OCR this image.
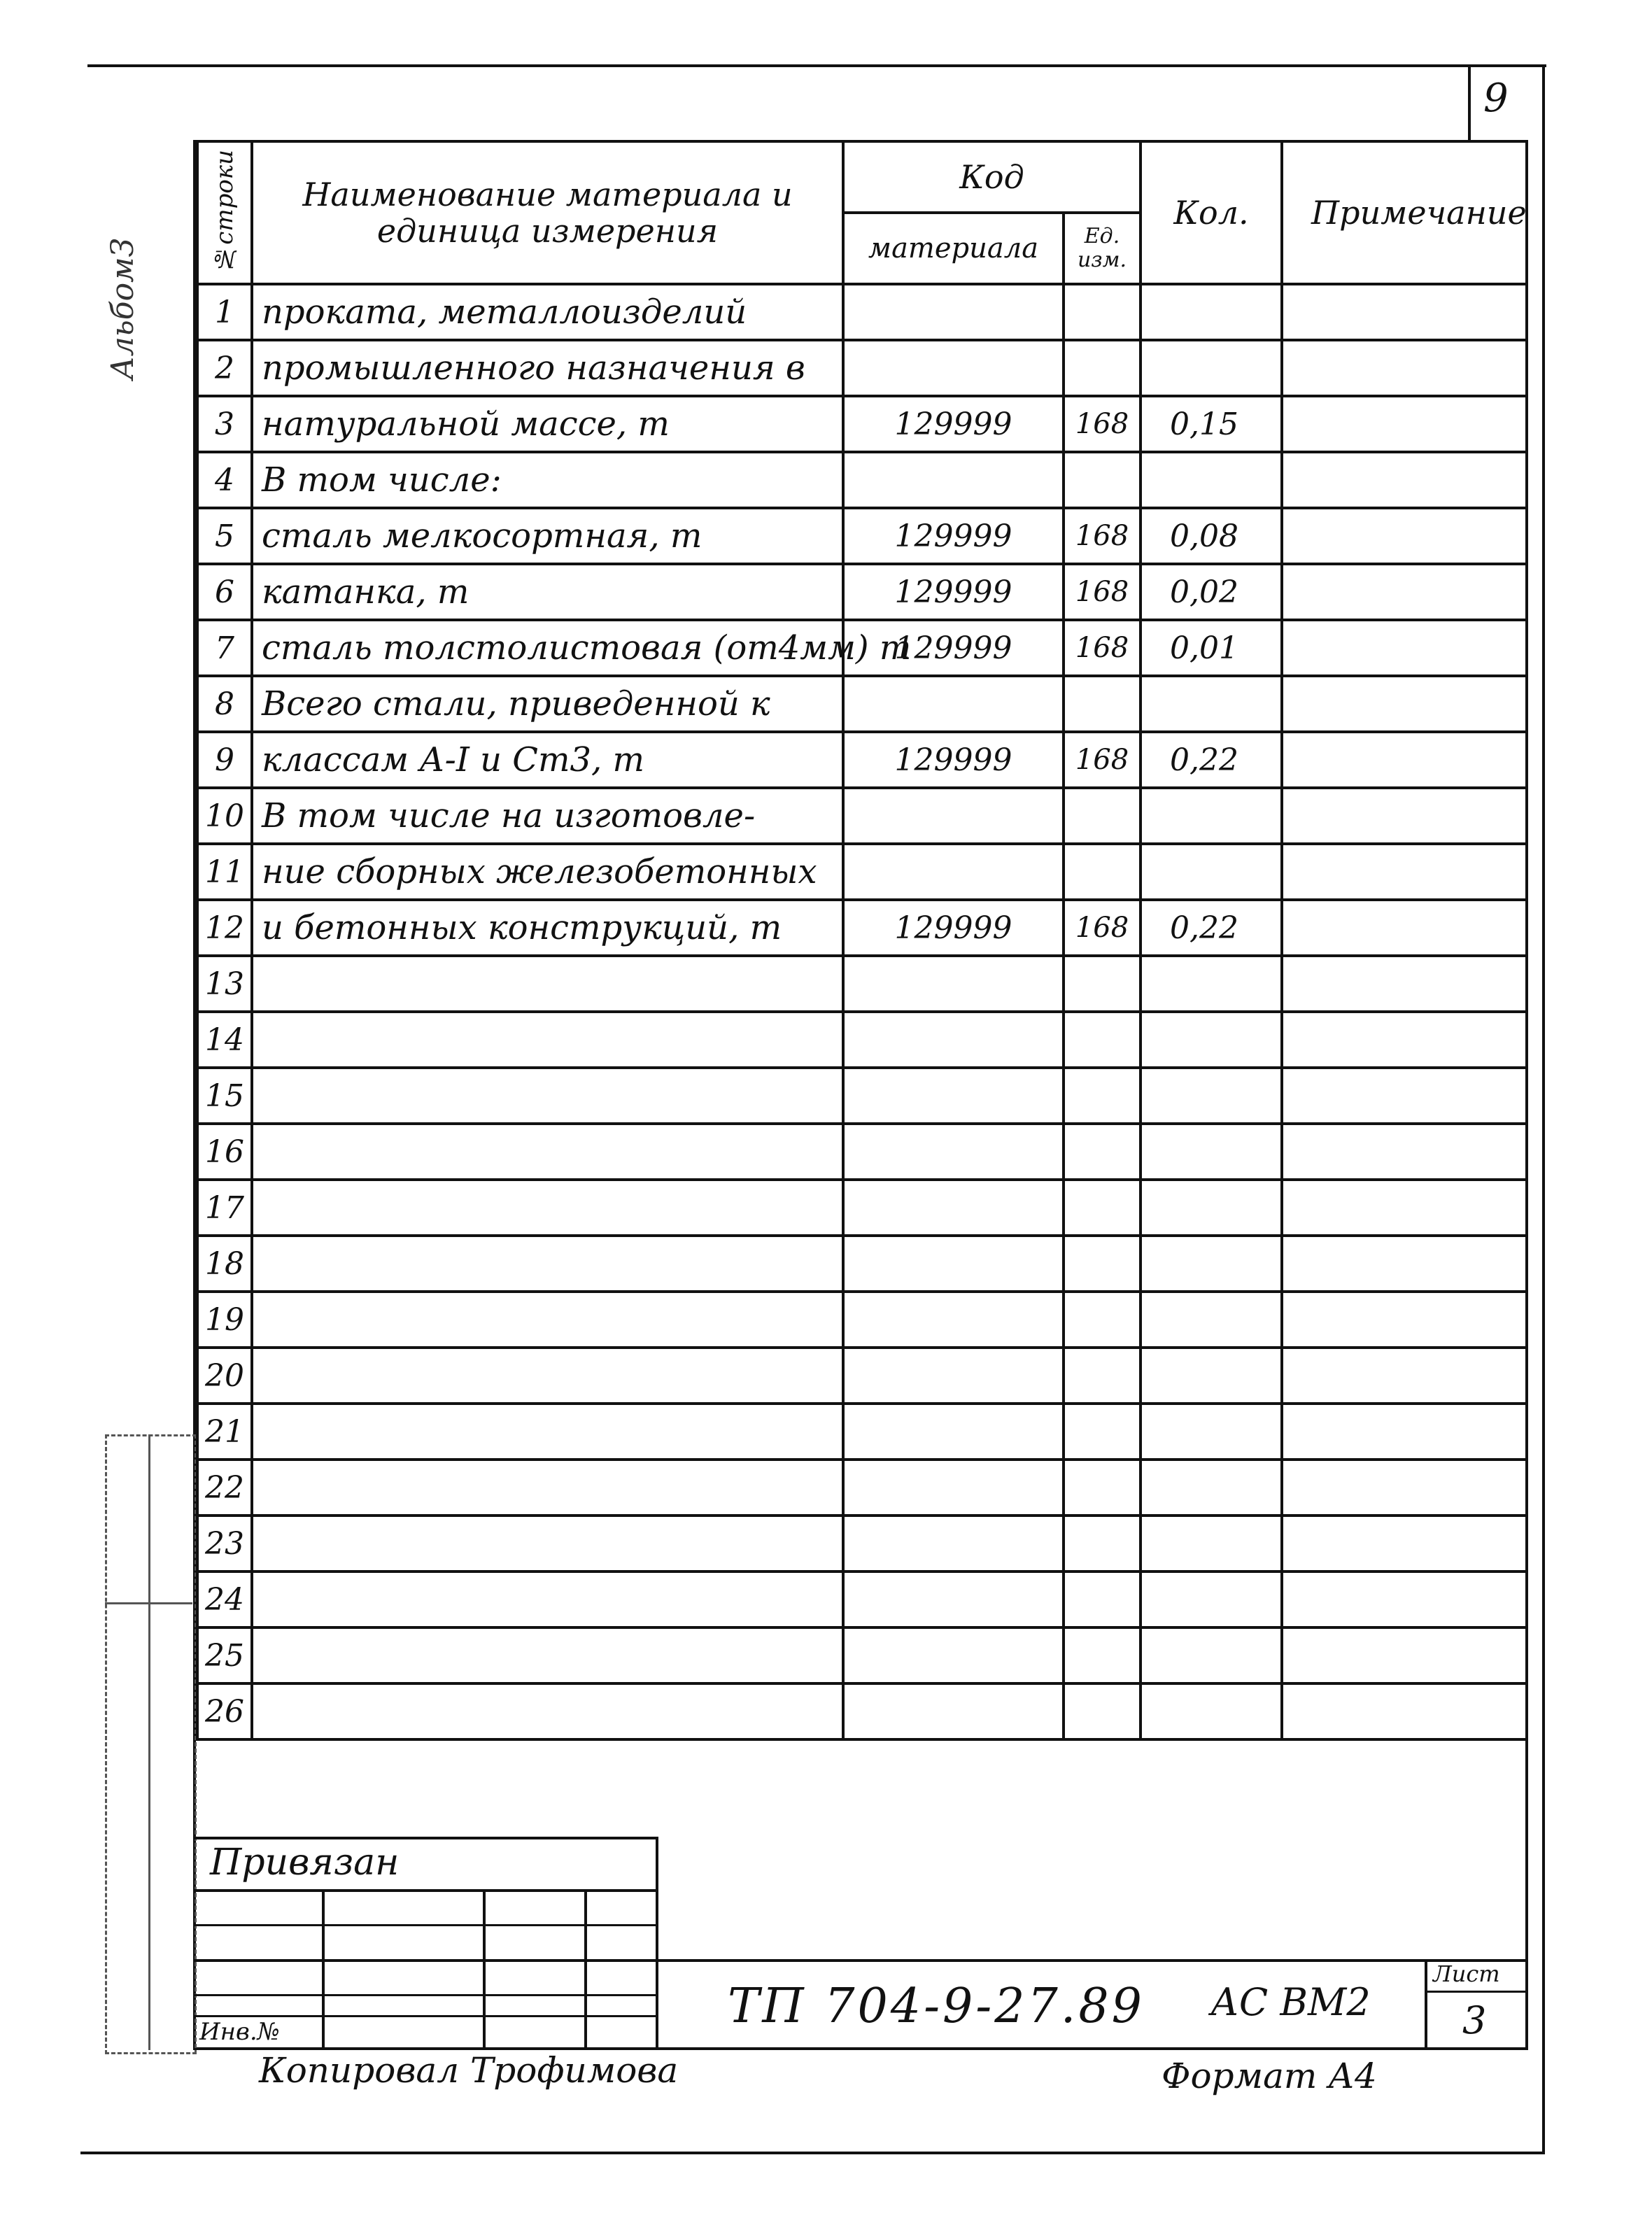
9
АльбомЗ
№строки	Наименование материала и единица измерения	Код		Кол.	Примечание

		материала	Ед. изм.		

1	проката, металлоизделий				
2	промышленного назначения в				
3	натуральной массе, т	129999	168	0,15	
4	В том числе:				
5	сталь мелкосортная, т	129999	168	0,08	
6	катанка, т	129999	168	0,02	
7	сталь толстолистовая (от4мм) т	129999	168	0,01	
8	Всего стали, приведенной к				
9	классам А-I и Ст3, т	129999	168	0,22	
10	В том числе на изготовле-				
11	ние сборных железобетонных				
12	и бетонных конструкций, т	129999	168	0,22	
13					
14					
15					
16					
17					
18					
19					
20					
21					
22					
23					
24					
25					
26					
Привязан
Инв.№	ТП 704-9-27.89 АС ВМ2
Лист
3
Копировал Трофимова	Формат А4
